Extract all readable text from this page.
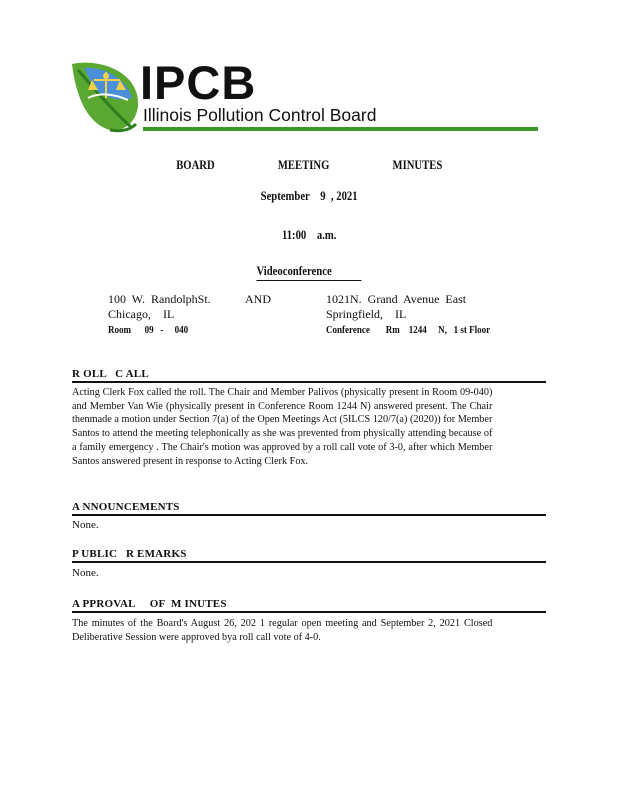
IPCB
Illinois Pollution Control Board
BOARD    MEETING    MINUTES
September    9  , 2021
11:00    a.m.
Videoconference
100  W.  RandolphSt.
Chicago,    IL
Room      09   -     040
AND	1021N.  Grand  Avenue  East
Springfield,    IL
Conference       Rm    1244     N,   1 st Floor
R OLL   C ALL
Acting Clerk Fox called the roll. The Chair and Member Palivos (physically present in Room 09-040) and Member Van Wie (physically present in Conference Room 1244 N) answered present. The Chair thenmade a motion under Section 7(a) of the Open Meetings Act (5ILCS 120/7(a) (2020)) for Member Santos to attend the meeting telephonically as she was prevented from physically attending because of a family emergency . The Chair's motion was approved by a roll call vote of 3-0, after which Member Santos answered present in response to Acting Clerk Fox.
A NNOUNCEMENTS
None.
P UBLIC   R EMARKS
None.
A PPROVAL     OF  M INUTES
The minutes of the Board's August 26, 202 1 regular open meeting and September 2, 2021 Closed Deliberative Session were approved bya roll call vote of 4-0.
